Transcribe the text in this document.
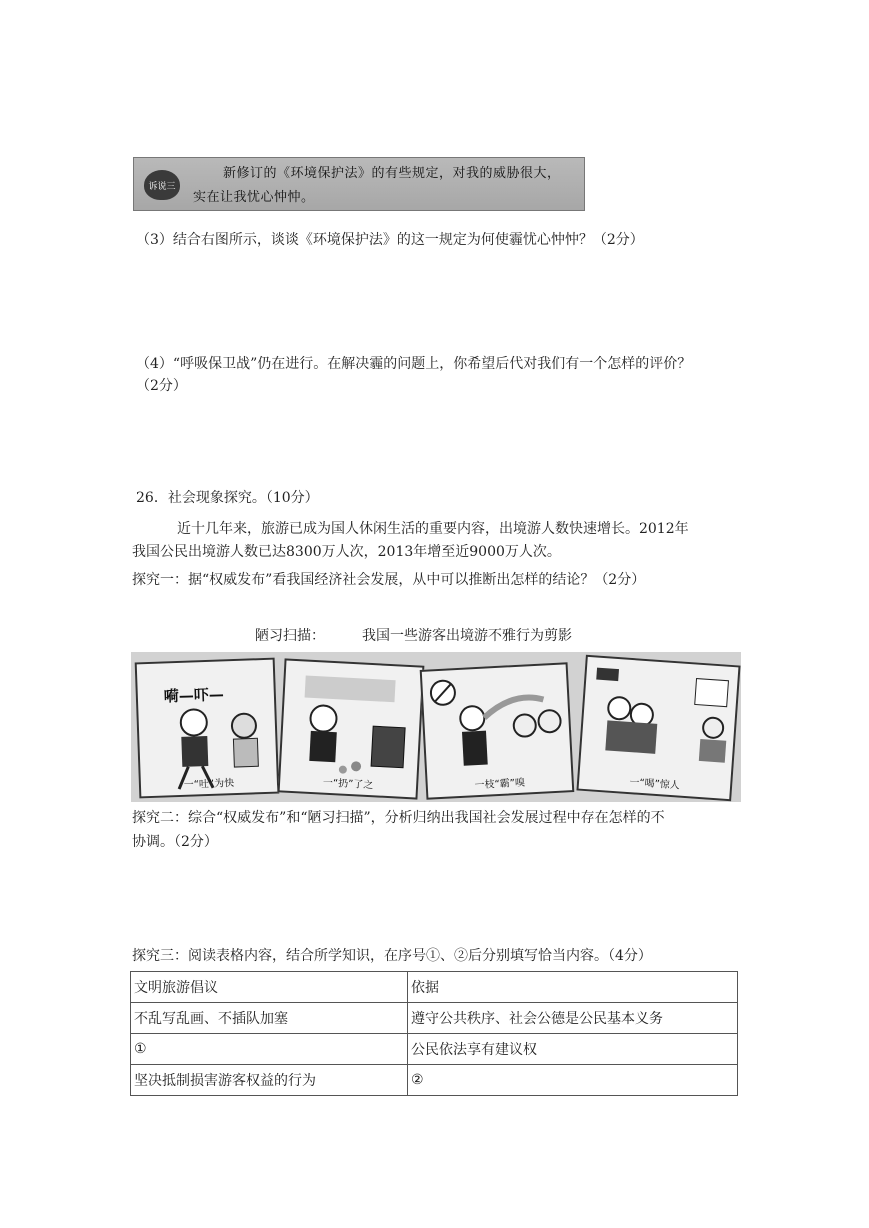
诉说三
新修订的《环境保护法》的有些规定，对我的威胁很大，
实在让我忧心忡忡。
（3）结合右图所示，谈谈《环境保护法》的这一规定为何使霾忧心忡忡？（2分）
（4）“呼吸保卫战”仍在进行。在解决霾的问题上，你希望后代对我们有一个怎样的评价？
（2分）
26．社会现象探究。（10分）
近十几年来，旅游已成为国人休闲生活的重要内容，出境游人数快速增长。2012年
我国公民出境游人数已达8300万人次，2013年增至近9000万人次。
探究一：据“权威发布”看我国经济社会发展，从中可以推断出怎样的结论？（2分）
陋习扫描：	我国一些游客出境游不雅行为剪影
嗬—吓—
一“吐”为快	一“扔”了之	一枝“霸”嗅	一“喝”惊人
探究二：综合“权威发布”和“陋习扫描”，分析归纳出我国社会发展过程中存在怎样的不
协调。（2分）
探究三：阅读表格内容，结合所学知识，在序号①、②后分别填写恰当内容。（4分）
文明旅游倡议	依据
不乱写乱画、不插队加塞	遵守公共秩序、社会公德是公民基本义务
①	公民依法享有建议权
坚决抵制损害游客权益的行为	②
